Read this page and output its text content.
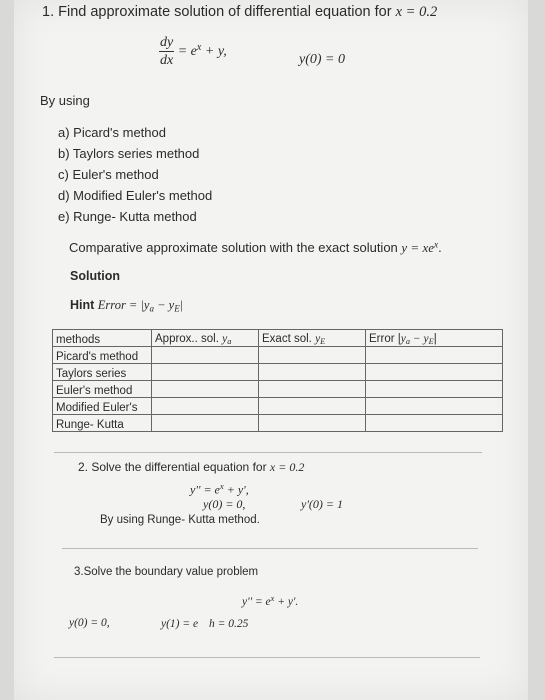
1. Find approximate solution of differential equation for x = 0.2
$\frac{dy}{dx} = e^x + y$,
y(0) = 0
By using
a) Picard's method
b) Taylors series method
c) Euler's method
d) Modified Euler's method
e) Runge- Kutta method
Comparative approximate solution with the exact solution $y = xe^x$.
Solution
Hint Error = $|y_a - y_E|$
methods	Approx.. sol. $y_a$	Exact sol. $y_E$	Error $|y_a - y_E|$
Picard's method			
Taylors series			
Euler's method			
Modified Euler's			
Runge- Kutta			
2. Solve the differential equation for x = 0.2
$y'' = e^x + y'$,
y(0) = 0,	y'(0) = 1
By using Runge- Kutta method.
3.Solve the boundary value problem
$y'' = e^x + y'$.
y(0) = 0,	y(1) = e h = 0.25
